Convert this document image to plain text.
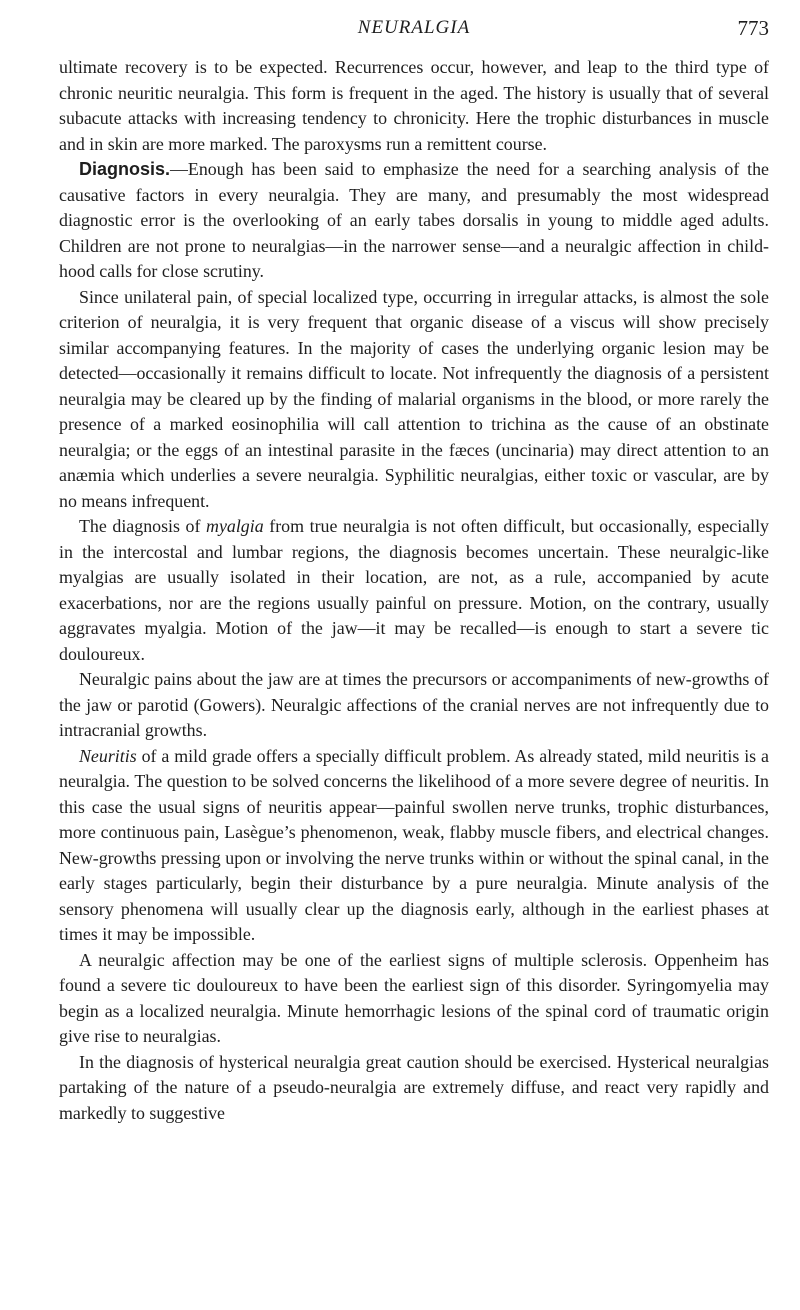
NEURALGIA	773

ultimate recovery is to be expected. Recurrences occur, however, and leap to the third type of chronic neuritic neuralgia. This form is frequent in the aged. The history is usually that of several subacute attacks with increasing tendency to chronicity. Here the trophic disturbances in muscle and in skin are more marked. The paroxysms run a remittent course.

Diagnosis.—Enough has been said to emphasize the need for a searching analysis of the causative factors in every neuralgia. They are many, and presumably the most widespread diagnostic error is the overlooking of an early tabes dorsalis in young to middle aged adults. Children are not prone to neuralgias—in the narrower sense—and a neuralgic affection in childhood calls for close scrutiny.

Since unilateral pain, of special localized type, occurring in irregular attacks, is almost the sole criterion of neuralgia, it is very frequent that organic disease of a viscus will show precisely similar accompanying features. In the majority of cases the underlying organic lesion may be detected—occasionally it remains difficult to locate. Not infrequently the diagnosis of a persistent neuralgia may be cleared up by the finding of malarial organisms in the blood, or more rarely the presence of a marked eosinophilia will call attention to trichina as the cause of an obstinate neuralgia; or the eggs of an intestinal parasite in the fæces (uncinaria) may direct attention to an anæmia which underlies a severe neuralgia. Syphilitic neuralgias, either toxic or vascular, are by no means infrequent.

The diagnosis of myalgia from true neuralgia is not often difficult, but occasionally, especially in the intercostal and lumbar regions, the diagnosis becomes uncertain. These neuralgic-like myalgias are usually isolated in their location, are not, as a rule, accompanied by acute exacerbations, nor are the regions usually painful on pressure. Motion, on the contrary, usually aggravates myalgia. Motion of the jaw—it may be recalled—is enough to start a severe tic douloureux.

Neuralgic pains about the jaw are at times the precursors or accompaniments of new-growths of the jaw or parotid (Gowers). Neuralgic affections of the cranial nerves are not infrequently due to intracranial growths.

Neuritis of a mild grade offers a specially difficult problem. As already stated, mild neuritis is a neuralgia. The question to be solved concerns the likelihood of a more severe degree of neuritis. In this case the usual signs of neuritis appear—painful swollen nerve trunks, trophic disturbances, more continuous pain, Lasègue’s phenomenon, weak, flabby muscle fibers, and electrical changes. New-growths pressing upon or involving the nerve trunks within or without the spinal canal, in the early stages particularly, begin their disturbance by a pure neuralgia. Minute analysis of the sensory phenomena will usually clear up the diagnosis early, although in the earliest phases at times it may be impossible.

A neuralgic affection may be one of the earliest signs of multiple sclerosis. Oppenheim has found a severe tic douloureux to have been the earliest sign of this disorder. Syringomyelia may begin as a localized neuralgia. Minute hemorrhagic lesions of the spinal cord of traumatic origin give rise to neuralgias.

In the diagnosis of hysterical neuralgia great caution should be exercised. Hysterical neuralgias partaking of the nature of a pseudo-neuralgia are extremely diffuse, and react very rapidly and markedly to suggestive
